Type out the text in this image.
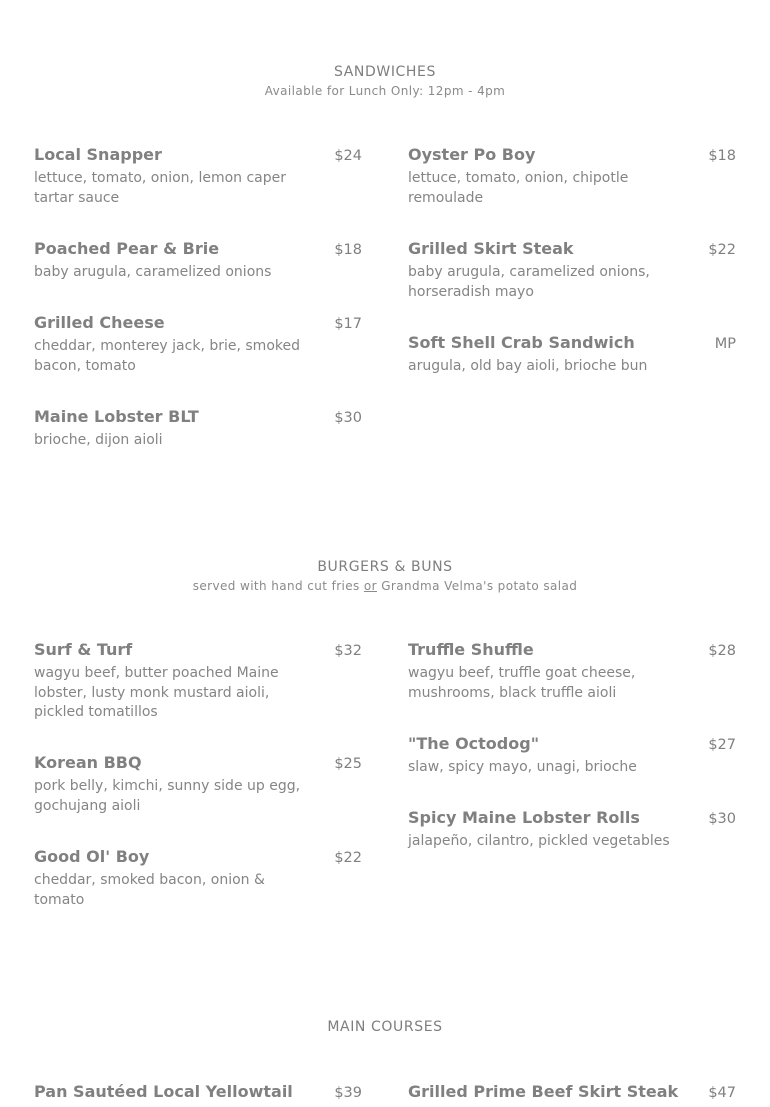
SANDWICHES
Available for Lunch Only: 12pm - 4pm
Local Snapper	$24
lettuce, tomato, onion, lemon caper tartar sauce
Poached Pear & Brie	$18
baby arugula, caramelized onions
Grilled Cheese	$17
cheddar, monterey jack, brie, smoked bacon, tomato
Maine Lobster BLT	$30
brioche, dijon aioli
Oyster Po Boy	$18
lettuce, tomato, onion, chipotle remoulade
Grilled Skirt Steak	$22
baby arugula, caramelized onions, horseradish mayo
Soft Shell Crab Sandwich	MP
arugula, old bay aioli, brioche bun
BURGERS & BUNS
served with hand cut fries or Grandma Velma's potato salad
Surf & Turf	$32
wagyu beef, butter poached Maine lobster, lusty monk mustard aioli, pickled tomatillos
Korean BBQ	$25
pork belly, kimchi, sunny side up egg, gochujang aioli
Good Ol' Boy	$22
cheddar, smoked bacon, onion & tomato
Truffle Shuffle	$28
wagyu beef, truffle goat cheese, mushrooms, black truffle aioli
"The Octodog"	$27
slaw, spicy mayo, unagi, brioche
Spicy Maine Lobster Rolls	$30
jalapeño, cilantro, pickled vegetables
MAIN COURSES
Pan Sautéed Local Yellowtail	$39	Grilled Prime Beef Skirt Steak $47
